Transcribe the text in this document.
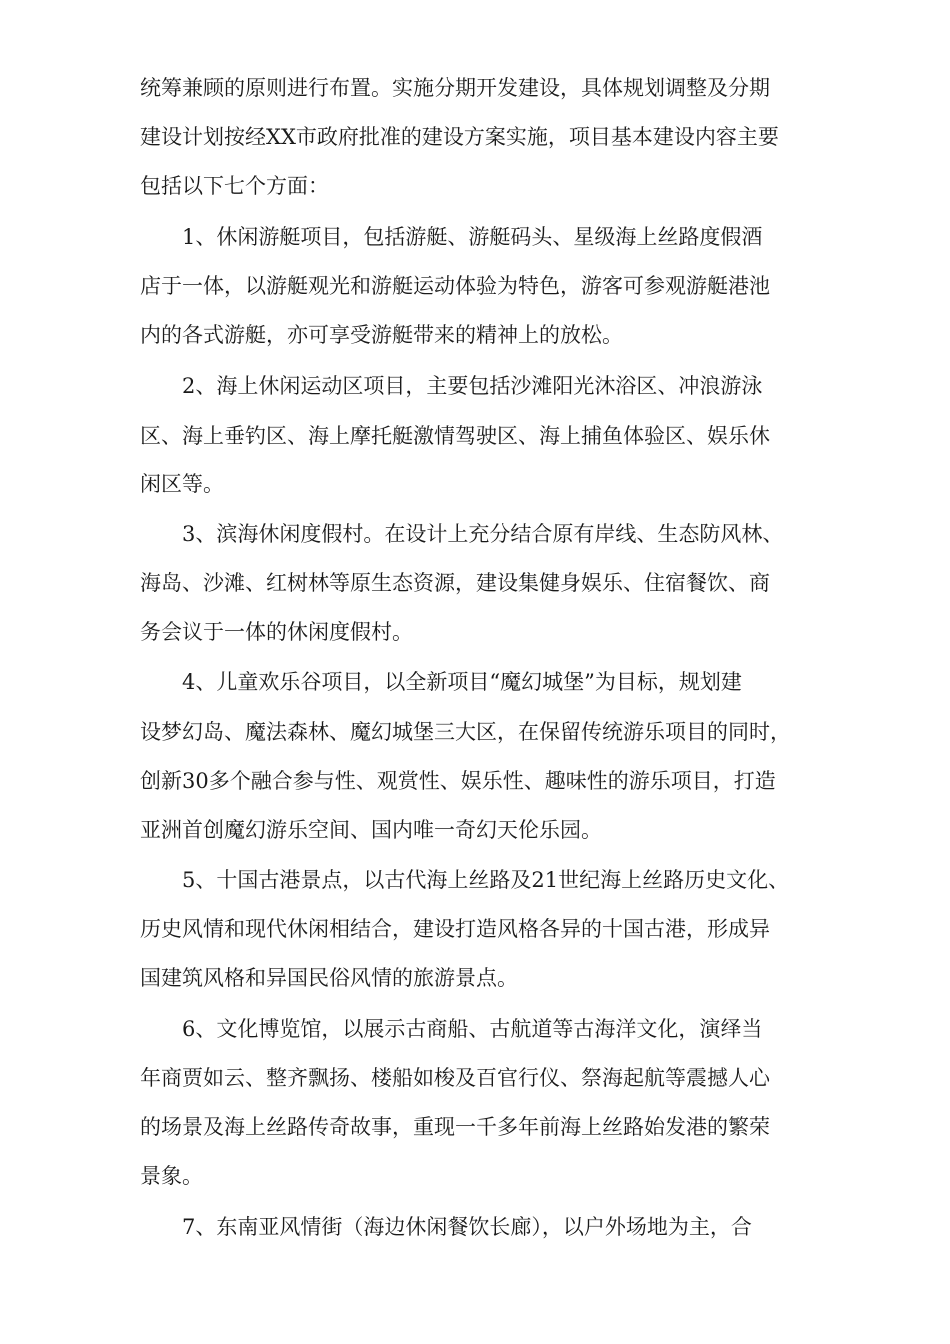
统筹兼顾的原则进行布置。实施分期开发建设，具体规划调整及分期

建设计划按经XX市政府批准的建设方案实施，项目基本建设内容主要

包括以下七个方面：

1、休闲游艇项目，包括游艇、游艇码头、星级海上丝路度假酒

店于一体，以游艇观光和游艇运动体验为特色，游客可参观游艇港池

内的各式游艇，亦可享受游艇带来的精神上的放松。

2、海上休闲运动区项目，主要包括沙滩阳光沐浴区、冲浪游泳

区、海上垂钓区、海上摩托艇激情驾驶区、海上捕鱼体验区、娱乐休

闲区等。

3、滨海休闲度假村。在设计上充分结合原有岸线、生态防风林、

海岛、沙滩、红树林等原生态资源，建设集健身娱乐、住宿餐饮、商

务会议于一体的休闲度假村。

4、儿童欢乐谷项目，以全新项目“魔幻城堡”为目标，规划建

设梦幻岛、魔法森林、魔幻城堡三大区，在保留传统游乐项目的同时，

创新30多个融合参与性、观赏性、娱乐性、趣味性的游乐项目，打造

亚洲首创魔幻游乐空间、国内唯一奇幻天伦乐园。

5、十国古港景点，以古代海上丝路及21世纪海上丝路历史文化、

历史风情和现代休闲相结合，建设打造风格各异的十国古港，形成异

国建筑风格和异国民俗风情的旅游景点。

6、文化博览馆，以展示古商船、古航道等古海洋文化，演绎当

年商贾如云、整齐飘扬、楼船如梭及百官行仪、祭海起航等震撼人心

的场景及海上丝路传奇故事，重现一千多年前海上丝路始发港的繁荣

景象。

7、东南亚风情街（海边休闲餐饮长廊），以户外场地为主，合
